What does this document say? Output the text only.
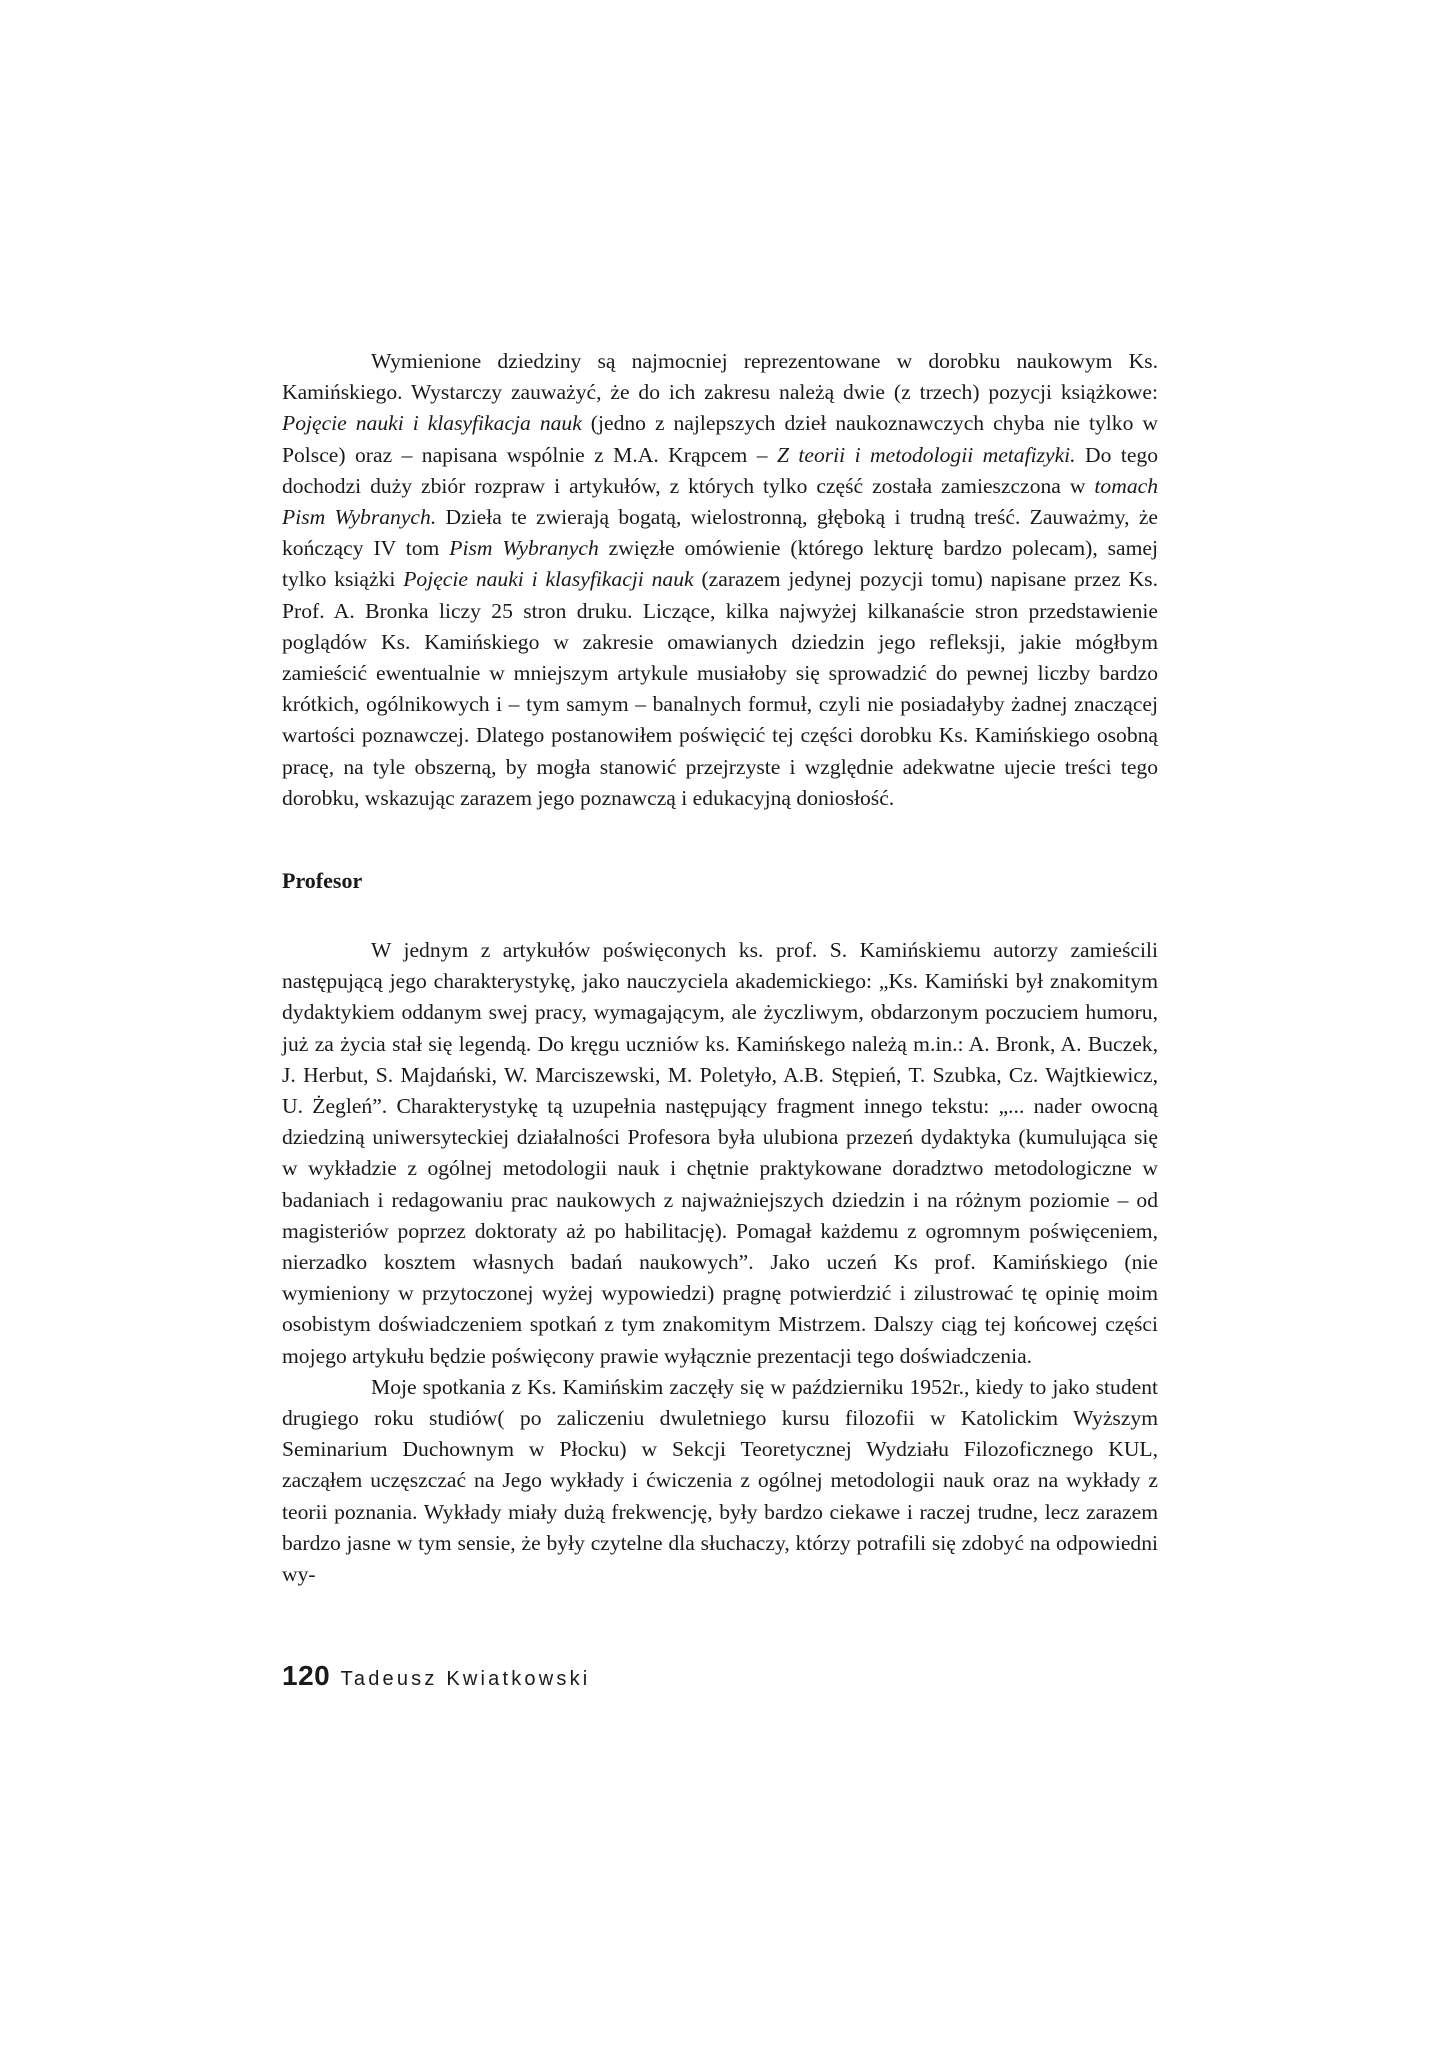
Wymienione dziedziny są najmocniej reprezentowane w dorobku naukowym Ks. Kamińskiego. Wystarczy zauważyć, że do ich zakresu należą dwie (z trzech) pozycji książkowe: Pojęcie nauki i klasyfikacja nauk (jedno z najlepszych dzieł naukoznawczych chyba nie tylko w Polsce) oraz – napisana wspólnie z M.A. Krąpcem – Z teorii i metodologii metafizyki. Do tego dochodzi duży zbiór rozpraw i artykułów, z których tylko część została zamieszczona w tomach Pism Wybranych. Dzieła te zwierają bogatą, wielostronną, głęboką i trudną treść. Zauważmy, że kończący IV tom Pism Wybranych zwięzłe omówienie (którego lekturę bardzo polecam), samej tylko książki Pojęcie nauki i klasyfikacji nauk (zarazem jedynej pozycji tomu) napisane przez Ks. Prof. A. Bronka liczy 25 stron druku. Liczące, kilka najwyżej kilkanaście stron przedstawienie poglądów Ks. Kamińskiego w zakresie omawianych dziedzin jego refleksji, jakie mógłbym zamieścić ewentualnie w mniejszym artykule musiałoby się sprowadzić do pewnej liczby bardzo krótkich, ogólnikowych i – tym samym – banalnych formuł, czyli nie posiadałyby żadnej znaczącej wartości poznawczej. Dlatego postanowiłem poświęcić tej części dorobku Ks. Kamińskiego osobną pracę, na tyle obszerną, by mogła stanowić przejrzyste i względnie adekwatne ujecie treści tego dorobku, wskazując zarazem jego poznawczą i edukacyjną doniosłość.

Profesor

W jednym z artykułów poświęconych ks. prof. S. Kamińskiemu autorzy zamieścili następującą jego charakterystykę, jako nauczyciela akademickiego: „Ks. Kamiński był znakomitym dydaktykiem oddanym swej pracy, wymagającym, ale życzliwym, obdarzonym poczuciem humoru, już za życia stał się legendą. Do kręgu uczniów ks. Kamińskego należą m.in.: A. Bronk, A. Buczek, J. Herbut, S. Majdański, W. Marciszewski, M. Poletyło, A.B. Stępień, T. Szubka, Cz. Wajtkiewicz, U. Żegleń”. Charakterystykę tą uzupełnia następujący fragment innego tekstu: „... nader owocną dziedziną uniwersyteckiej działalności Profesora była ulubiona przezeń dydaktyka (kumulująca się w wykładzie z ogólnej metodologii nauk i chętnie praktykowane doradztwo metodologiczne w badaniach i redagowaniu prac naukowych z najważniejszych dziedzin i na różnym poziomie – od magisteriów poprzez doktoraty aż po habilitację). Pomagał każdemu z ogromnym poświęceniem, nierzadko kosztem własnych badań naukowych”. Jako uczeń Ks prof. Kamińskiego (nie wymieniony w przytoczonej wyżej wypowiedzi) pragnę potwierdzić i zilustrować tę opinię moim osobistym doświadczeniem spotkań z tym znakomitym Mistrzem. Dalszy ciąg tej końcowej części mojego artykułu będzie poświęcony prawie wyłącznie prezentacji tego doświadczenia.

Moje spotkania z Ks. Kamińskim zaczęły się w październiku 1952r., kiedy to jako student drugiego roku studiów( po zaliczeniu dwuletniego kursu filozofii w Katolickim Wyższym Seminarium Duchownym w Płocku) w Sekcji Teoretycznej Wydziału Filozoficznego KUL, zacząłem uczęszczać na Jego wykłady i ćwiczenia z ogólnej metodologii nauk oraz na wykłady z teorii poznania. Wykłady miały dużą frekwencję, były bardzo ciekawe i raczej trudne, lecz zarazem bardzo jasne w tym sensie, że były czytelne dla słuchaczy, którzy potrafili się zdobyć na odpowiedni wy-

120 Tadeusz Kwiatkowski
